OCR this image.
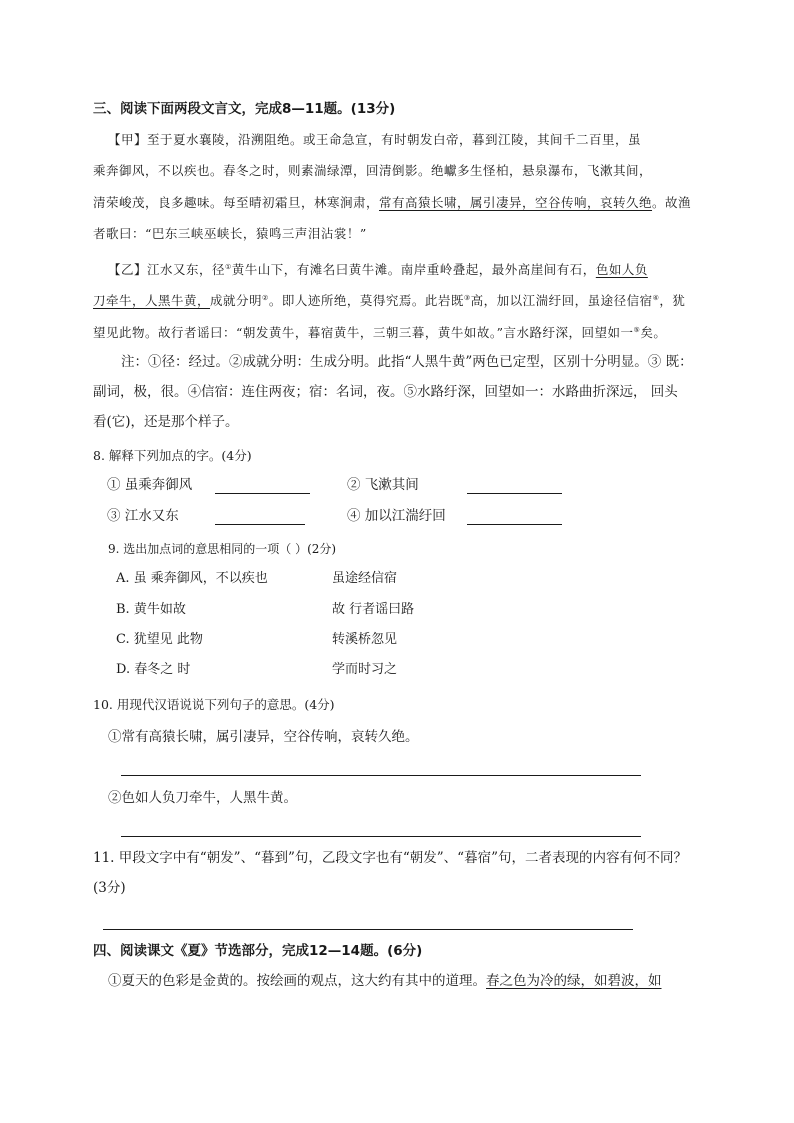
三、阅读下面两段文言文，完成8—11题。(13分)
【甲】至于夏水襄陵，沿溯阻绝。或王命急宣，有时朝发白帝，暮到江陵，其间千二百里，虽
乘奔御风，不以疾也。春冬之时，则素湍绿潭，回清倒影。绝巘多生怪柏，悬泉瀑布，飞漱其间，
清荣峻茂，良多趣味。每至晴初霜旦，林寒涧肃，常有高猿长啸，属引凄异，空谷传响，哀转久绝。故渔
者歌曰：“巴东三峡巫峡长，猿鸣三声泪沾裳！”
【乙】江水又东，径①黄牛山下，有滩名曰黄牛滩。南岸重岭叠起，最外高崖间有石，色如人负
刀牵牛，人黑牛黄，成就分明②。即人迹所绝，莫得究焉。此岩既③高，加以江湍纡回，虽途径信宿④，犹
望见此物。故行者谣曰：“朝发黄牛，暮宿黄牛，三朝三暮，黄牛如故。”言水路纡深，回望如一⑤矣。
注：①径：经过。②成就分明：生成分明。此指“人黑牛黄”两色已定型，区别十分明显。③ 既：
副词，极，很。④信宿：连住两夜；宿：名词，夜。⑤水路纡深，回望如一：水路曲折深远， 回头
看(它)，还是那个样子。
8. 解释下列加点的字。(4分)
① 虽乘奔御风	② 飞漱其间
③ 江水又东	④ 加以江湍纡回
9. 选出加点词的意思相同的一项（ ）(2分)
A. 虽 乘奔御风，不以疾也	虽途经信宿
B. 黄牛如故	故 行者谣曰路
C. 犹望见 此物	转溪桥忽见
D. 春冬之 时	学而时习之
10. 用现代汉语说说下列句子的意思。(4分)
①常有高猿长啸，属引凄异，空谷传响，哀转久绝。
②色如人负刀牵牛，人黑牛黄。
11. 甲段文字中有“朝发”、“暮到”句，乙段文字也有“朝发”、“暮宿”句，二者表现的内容有何不同？
(3分)
四、阅读课文《夏》节选部分，完成12—14题。(6分)
①夏天的色彩是金黄的。按绘画的观点，这大约有其中的道理。春之色为冷的绿，如碧波，如
